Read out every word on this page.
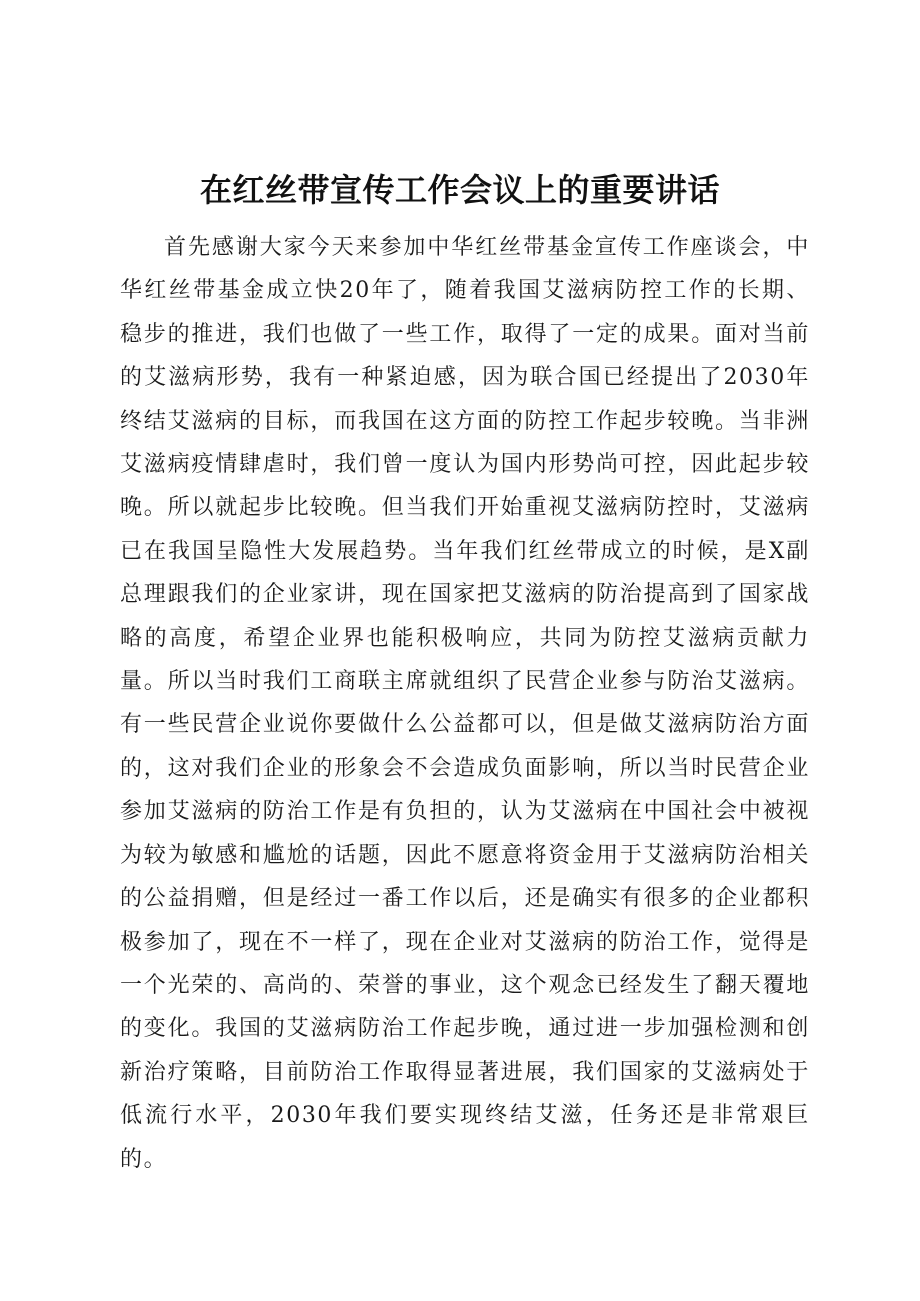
在红丝带宣传工作会议上的重要讲话

首先感谢大家今天来参加中华红丝带基金宣传工作座谈会，中华红丝带基金成立快20年了，随着我国艾滋病防控工作的长期、稳步的推进，我们也做了一些工作，取得了一定的成果。面对当前的艾滋病形势，我有一种紧迫感，因为联合国已经提出了2030年终结艾滋病的目标，而我国在这方面的防控工作起步较晚。当非洲艾滋病疫情肆虐时，我们曾一度认为国内形势尚可控，因此起步较晚。所以就起步比较晚。但当我们开始重视艾滋病防控时，艾滋病已在我国呈隐性大发展趋势。当年我们红丝带成立的时候，是X副总理跟我们的企业家讲，现在国家把艾滋病的防治提高到了国家战略的高度，希望企业界也能积极响应，共同为防控艾滋病贡献力量。所以当时我们工商联主席就组织了民营企业参与防治艾滋病。有一些民营企业说你要做什么公益都可以，但是做艾滋病防治方面的，这对我们企业的形象会不会造成负面影响，所以当时民营企业参加艾滋病的防治工作是有负担的，认为艾滋病在中国社会中被视为较为敏感和尴尬的话题，因此不愿意将资金用于艾滋病防治相关的公益捐赠，但是经过一番工作以后，还是确实有很多的企业都积极参加了，现在不一样了，现在企业对艾滋病的防治工作，觉得是一个光荣的、高尚的、荣誉的事业，这个观念已经发生了翻天覆地的变化。我国的艾滋病防治工作起步晚，通过进一步加强检测和创新治疗策略，目前防治工作取得显著进展，我们国家的艾滋病处于低流行水平，2030年我们要实现终结艾滋，任务还是非常艰巨的。
